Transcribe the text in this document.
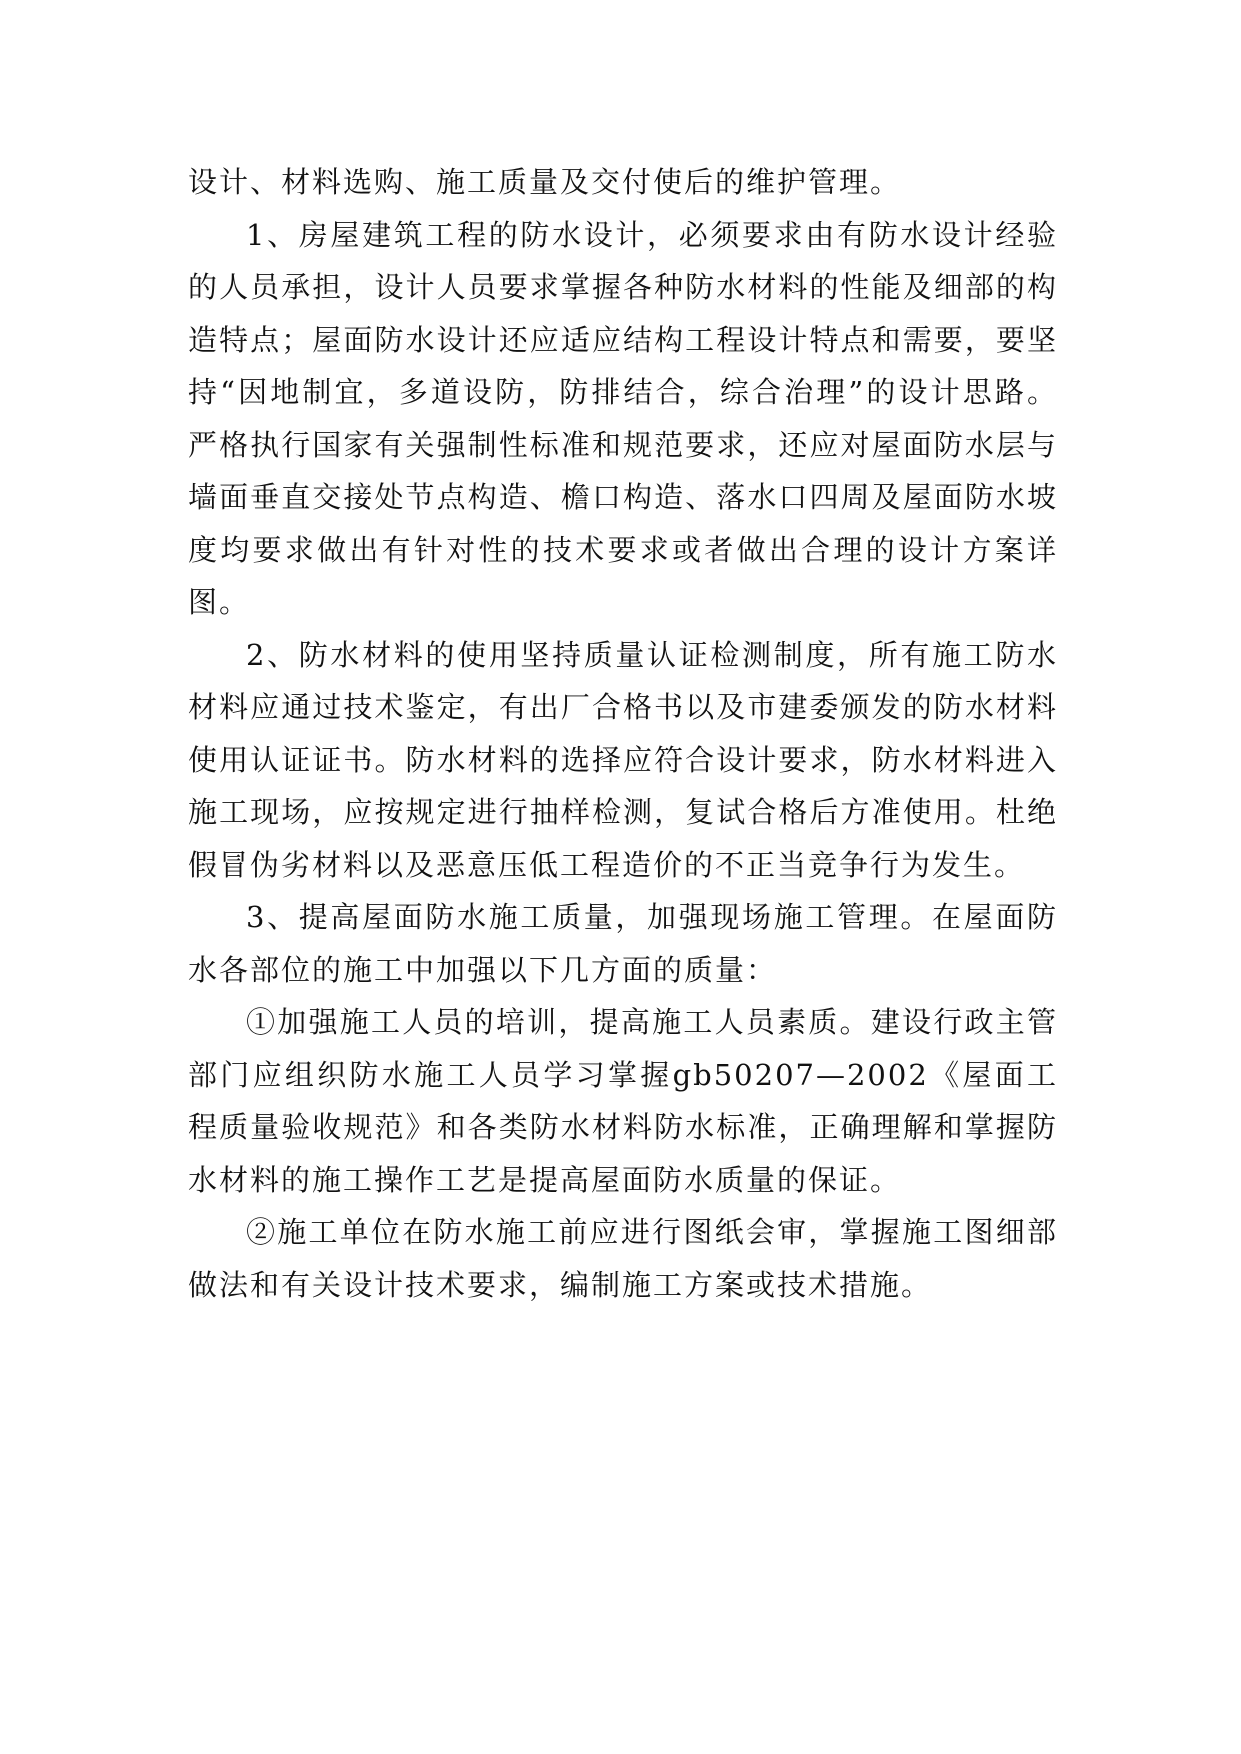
设计、材料选购、施工质量及交付使后的维护管理。

1、房屋建筑工程的防水设计，必须要求由有防水设计经验的人员承担，设计人员要求掌握各种防水材料的性能及细部的构造特点；屋面防水设计还应适应结构工程设计特点和需要，要坚持“因地制宜，多道设防，防排结合，综合治理”的设计思路。严格执行国家有关强制性标准和规范要求，还应对屋面防水层与墙面垂直交接处节点构造、檐口构造、落水口四周及屋面防水坡度均要求做出有针对性的技术要求或者做出合理的设计方案详图。

2、防水材料的使用坚持质量认证检测制度，所有施工防水材料应通过技术鉴定，有出厂合格书以及市建委颁发的防水材料使用认证证书。防水材料的选择应符合设计要求，防水材料进入施工现场，应按规定进行抽样检测，复试合格后方准使用。杜绝假冒伪劣材料以及恶意压低工程造价的不正当竞争行为发生。

3、提高屋面防水施工质量，加强现场施工管理。在屋面防水各部位的施工中加强以下几方面的质量：

①加强施工人员的培训，提高施工人员素质。建设行政主管部门应组织防水施工人员学习掌握gb50207—2002《屋面工程质量验收规范》和各类防水材料防水标准，正确理解和掌握防水材料的施工操作工艺是提高屋面防水质量的保证。

②施工单位在防水施工前应进行图纸会审，掌握施工图细部做法和有关设计技术要求，编制施工方案或技术措施。
